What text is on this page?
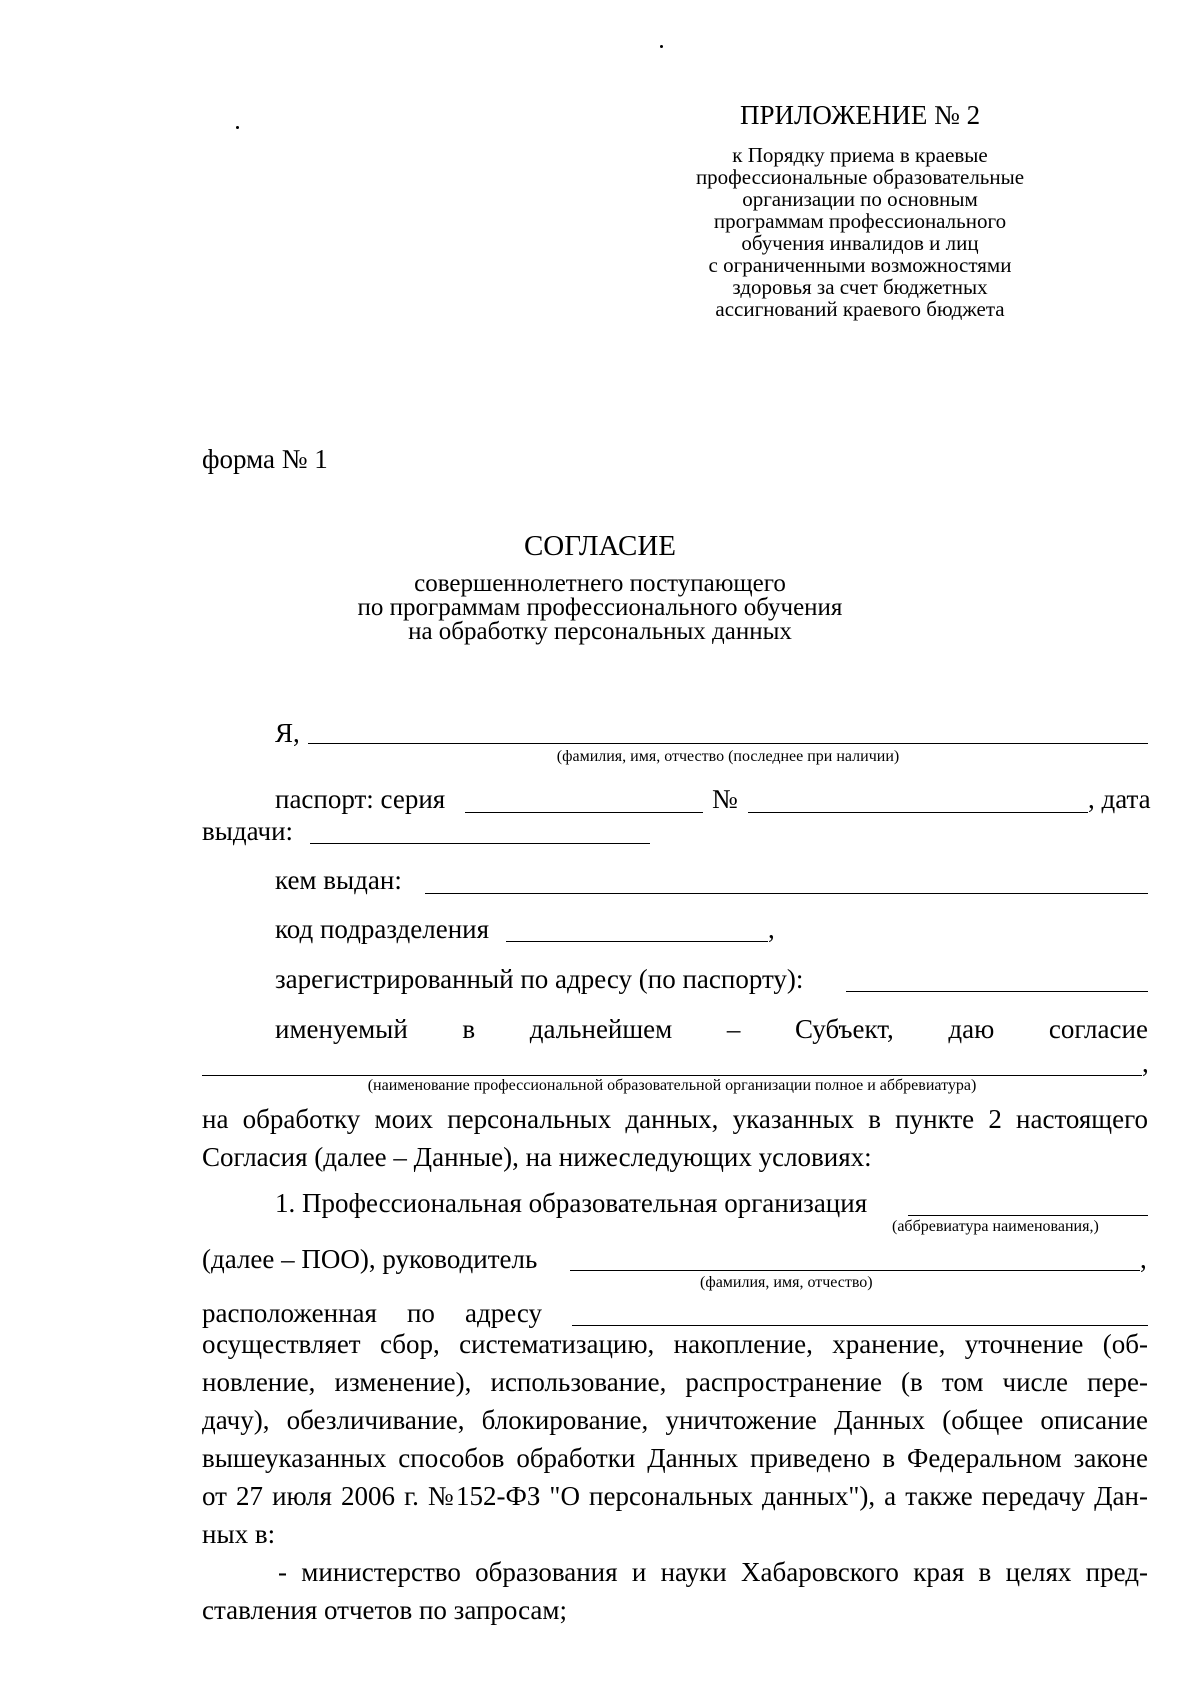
ПРИЛОЖЕНИЕ № 2
к Порядку приема в краевые
профессиональные образовательные
организации по основным
программам профессионального
обучения инвалидов и лиц
с ограниченными возможностями
здоровья за счет бюджетных
ассигнований краевого бюджета
форма № 1
СОГЛАСИЕ
совершеннолетнего поступающего
по программам профессионального обучения
на обработку персональных данных
Я,
(фамилия, имя, отчество (последнее при наличии)
паспорт: серия	№	, дата
выдачи:
кем выдан:
код подразделения	,
зарегистрированный по адресу (по паспорту):
именуемый в дальнейшем – Субъект, даю согласие
,
(наименование профессиональной образовательной организации полное и аббревиатура)
на обработку моих персональных данных, указанных в пункте 2 настоящего
Согласия (далее – Данные), на нижеследующих условиях:
1. Профессиональная образовательная организация
(аббревиатура наименования,)
(далее – ПОО), руководитель	,
(фамилия, имя, отчество)
расположенная по адресу
осуществляет сбор, систематизацию, накопление, хранение, уточнение (об-
новление, изменение), использование, распространение (в том числе пере-
дачу), обезличивание, блокирование, уничтожение Данных (общее описание
вышеуказанных способов обработки Данных приведено в Федеральном законе
от 27 июля 2006 г. №152-ФЗ "О персональных данных"), а также передачу Дан-
ных в:
- министерство образования и науки Хабаровского края в целях пред-
ставления отчетов по запросам;
